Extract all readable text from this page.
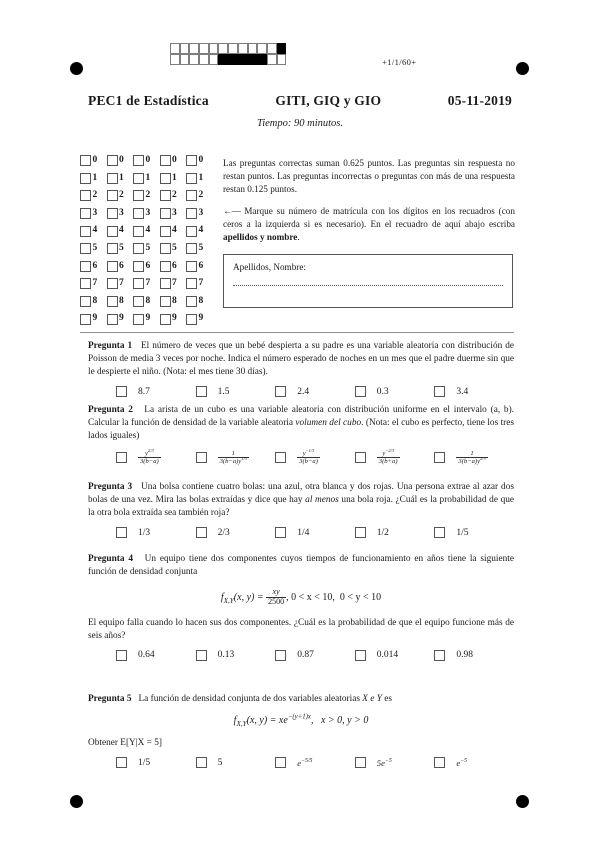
+1/1/60+
PEC1 de Estadística	GITI, GIQ y GIO	05-11-2019
Tiempo: 90 minutos.
0 0 0 0 0
1 1 1 1 1
2 2 2 2 2
3 3 3 3 3
4 4 4 4 4
5 5 5 5 5
6 6 6 6 6
7 7 7 7 7
8 8 8 8 8
9 9 9 9 9

Las preguntas correctas suman 0.625 puntos. Las preguntas sin respuesta no restan puntos. Las preguntas incorrectas o preguntas con más de una respuesta restan 0.125 puntos.

←— Marque su número de matrícula con los dígitos en los recuadros (con ceros a la izquierda si es necesario). En el recuadro de aquí abajo escriba apellidos y nombre.

Apellidos, Nombre:

Pregunta 1 El número de veces que un bebé despierta a su padre es una variable aleatoria con distribución de Poisson de media 3 veces por noche. Indica el número esperado de noches en un mes que el padre duerme sin que le despierte el niño. (Nota: el mes tiene 30 días).

8.7	1.5	2.4	0.3	3.4

Pregunta 2 La arista de un cubo es una variable aleatoria con distribución uniforme en el intervalo (a, b). Calcular la función de densidad de la variable aleatoria volumen del cubo. (Nota: el cubo es perfecto, tiene los tres lados iguales)

$\frac{y^{2/3}}{3(b-a)}$	$\frac{1}{3(b-a)y^{1/3}}$	$\frac{y^{-1/3}}{3(b-a)}$	$\frac{y^{-2/3}}{3(b+a)}$	$\frac{1}{3(b-a)y^{2/3}}$

Pregunta 3 Una bolsa contiene cuatro bolas: una azul, otra blanca y dos rojas. Una persona extrae al azar dos bolas de una vez. Mira las bolas extraídas y dice que hay al menos una bola roja. ¿Cuál es la probabilidad de que la otra bola extraída sea también roja?

1/3	2/3	1/4	1/2	1/5

Pregunta 4 Un equipo tiene dos componentes cuyos tiempos de funcionamiento en años tiene la siguiente función de densidad conjunta

$f_{X,Y}(x$, $y) = \frac{xy}{2500}$ , 0 < x < 10, 0 < y < 10

El equipo falla cuando lo hacen sus dos componentes. ¿Cuál es la probabilidad de que el equipo funcione más de seis años?

0.64	0.13	0.87	0.014	0.98

Pregunta 5 La función de densidad conjunta de dos variables aleatorias X e Y es

$f_{X,Y}(x$, $y) = xe^{-(y+1)x}$, x > 0, y > 0

Obtener E[Y|X = 5]

1/5	5	$e^{-5/5}$	$5e^{-5}$	$e^{-5}$
